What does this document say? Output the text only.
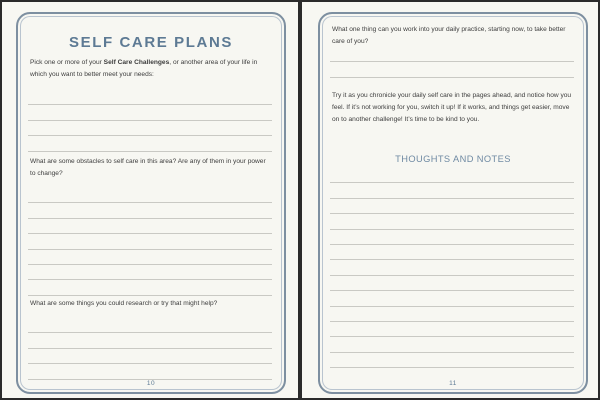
SELF CARE PLANS
Pick one or more of your Self Care Challenges, or another area of your life in which you want to better meet your needs:
What are some obstacles to self care in this area? Are any of them in your power to change?
What are some things you could research or try that might help?
10
What one thing can you work into your daily practice, starting now, to take better care of you?
Try it as you chronicle your daily self care in the pages ahead, and notice how you feel. If it’s not working for you, switch it up! If it works, and things get easier, move on to another challenge! It’s time to be kind to you.
THOUGHTS AND NOTES
11
